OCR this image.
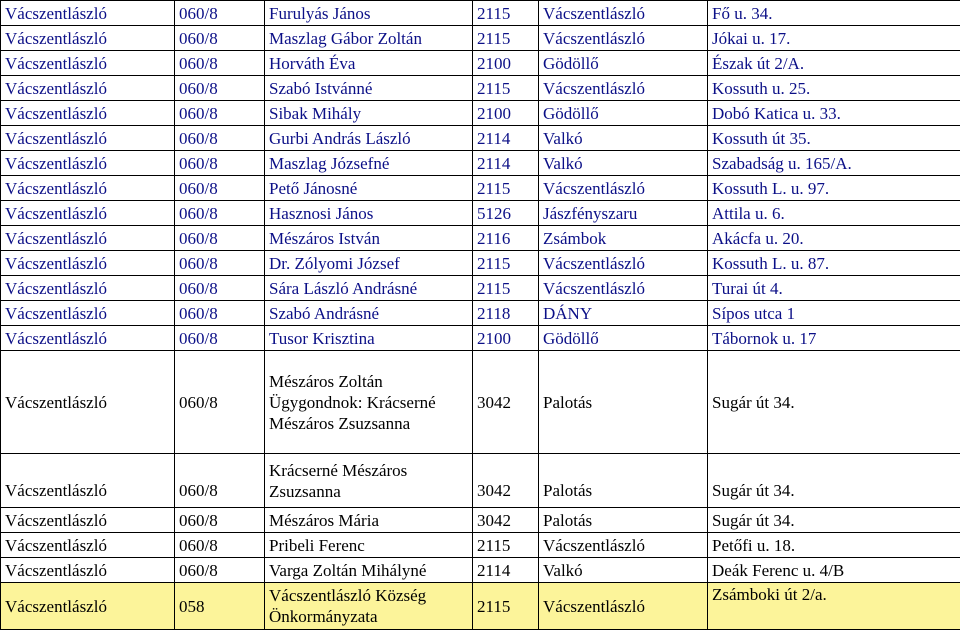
Vácszentlászló	060/8	Furulyás János	2115	Vácszentlászló	Fő u. 34.
Vácszentlászló	060/8	Maszlag Gábor Zoltán	2115	Vácszentlászló	Jókai u. 17.
Vácszentlászló	060/8	Horváth Éva	2100	Gödöllő	Észak út 2/A.
Vácszentlászló	060/8	Szabó Istvánné	2115	Vácszentlászló	Kossuth u. 25.
Vácszentlászló	060/8	Sibak Mihály	2100	Gödöllő	Dobó Katica u. 33.
Vácszentlászló	060/8	Gurbi András László	2114	Valkó	Kossuth út 35.
Vácszentlászló	060/8	Maszlag Józsefné	2114	Valkó	Szabadság u. 165/A.
Vácszentlászló	060/8	Pető Jánosné	2115	Vácszentlászló	Kossuth L. u. 97.
Vácszentlászló	060/8	Hasznosi János	5126	Jászfényszaru	Attila u. 6.
Vácszentlászló	060/8	Mészáros István	2116	Zsámbok	Akácfa u. 20.
Vácszentlászló	060/8	Dr. Zólyomi József	2115	Vácszentlászló	Kossuth L. u. 87.
Vácszentlászló	060/8	Sára László Andrásné	2115	Vácszentlászló	Turai út 4.
Vácszentlászló	060/8	Szabó Andrásné	2118	DÁNY	Sípos utca 1
Vácszentlászló	060/8	Tusor Krisztina	2100	Gödöllő	Tábornok u. 17
Vácszentlászló	060/8	Mészáros Zoltán Ügygondnok: Krácserné Mészáros Zsuzsanna	3042	Palotás	Sugár út 34.
Vácszentlászló	060/8	Krácserné Mészáros Zsuzsanna	3042	Palotás	Sugár út 34.
Vácszentlászló	060/8	Mészáros Mária	3042	Palotás	Sugár út 34.
Vácszentlászló	060/8	Pribeli Ferenc	2115	Vácszentlászló	Petőfi u. 18.
Vácszentlászló	060/8	Varga Zoltán Mihályné	2114	Valkó	Deák Ferenc u. 4/B
Vácszentlászló	058	Vácszentlászló Község Önkormányzata	2115	Vácszentlászló	Zsámboki út 2/a.
